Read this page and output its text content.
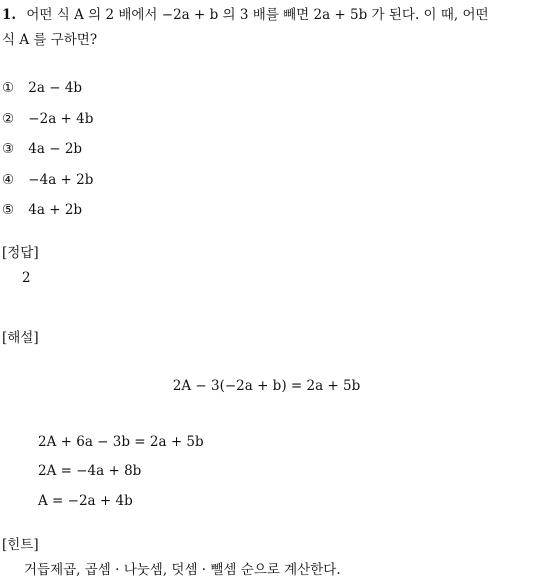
1. 어떤 식 A 의 2 배에서 −2a + b 의 3 배를 빼면 2a + 5b 가 된다. 이 때, 어떤
식 A 를 구하면?
① 2a − 4b
② −2a + 4b
③ 4a − 2b
④ −4a + 2b
⑤ 4a + 2b
[정답]
2
[해설]
2A − 3(−2a + b) = 2a + 5b
2A + 6a − 3b = 2a + 5b
2A = −4a + 8b
A = −2a + 4b
[힌트]
거듭제곱, 곱셈 · 나눗셈, 덧셈 · 뺄셈 순으로 계산한다.
